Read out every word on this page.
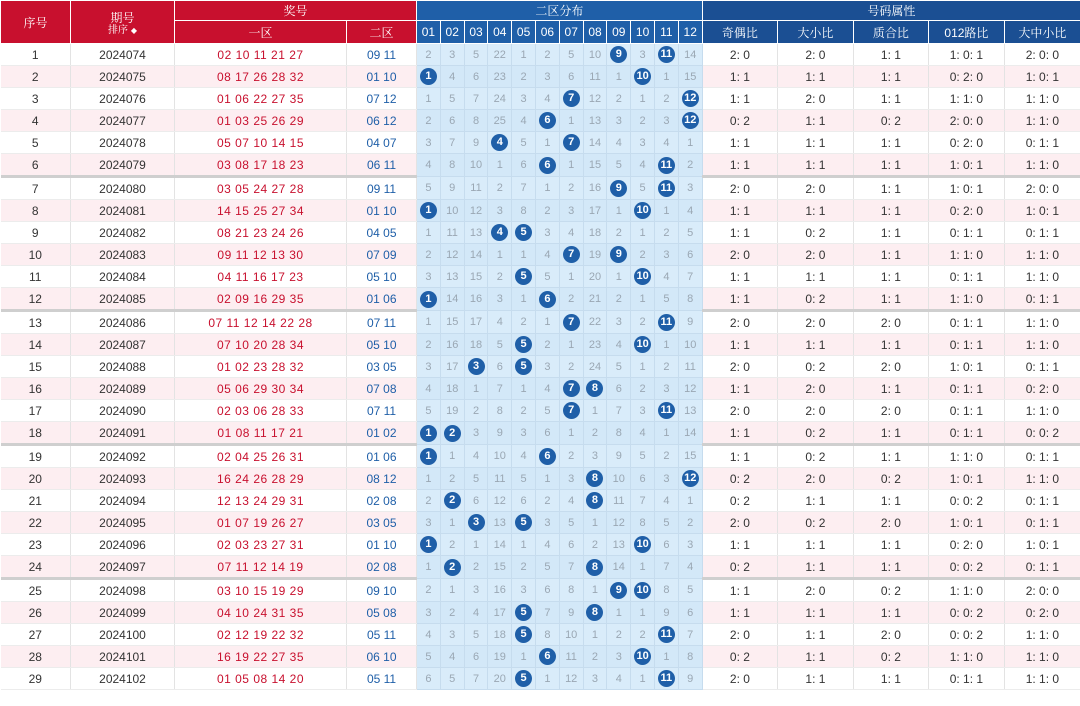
序号	期号
排序 ◆	奖号		二区分布												号码属性				
		一区	二区	01	02	03	04	05	06	07	08	09	10	11	12	奇偶比	大小比	质合比	012路比	大中小比
1	2024074	02 10 11 21 27	09 11	2	3	5	22	1	2	5	10	9	3	11	14	2: 0	2: 0	1: 1	1: 0: 1	2: 0: 0
2	2024075	08 17 26 28 32	01 10	1	4	6	23	2	3	6	11	1	10	1	15	1: 1	1: 1	1: 1	0: 2: 0	1: 0: 1
3	2024076	01 06 22 27 35	07 12	1	5	7	24	3	4	7	12	2	1	2	12	1: 1	2: 0	1: 1	1: 1: 0	1: 1: 0
4	2024077	01 03 25 26 29	06 12	2	6	8	25	4	6	1	13	3	2	3	12	0: 2	1: 1	0: 2	2: 0: 0	1: 1: 0
5	2024078	05 07 10 14 15	04 07	3	7	9	4	5	1	7	14	4	3	4	1	1: 1	1: 1	1: 1	0: 2: 0	0: 1: 1
6	2024079	03 08 17 18 23	06 11	4	8	10	1	6	6	1	15	5	4	11	2	1: 1	1: 1	1: 1	1: 0: 1	1: 1: 0
7	2024080	03 05 24 27 28	09 11	5	9	11	2	7	1	2	16	9	5	11	3	2: 0	2: 0	1: 1	1: 0: 1	2: 0: 0
8	2024081	14 15 25 27 34	01 10	1	10	12	3	8	2	3	17	1	10	1	4	1: 1	1: 1	1: 1	0: 2: 0	1: 0: 1
9	2024082	08 21 23 24 26	04 05	1	11	13	4	5	3	4	18	2	1	2	5	1: 1	0: 2	1: 1	0: 1: 1	0: 1: 1
10	2024083	09 11 12 13 30	07 09	2	12	14	1	1	4	7	19	9	2	3	6	2: 0	2: 0	1: 1	1: 1: 0	1: 1: 0
11	2024084	04 11 16 17 23	05 10	3	13	15	2	5	5	1	20	1	10	4	7	1: 1	1: 1	1: 1	0: 1: 1	1: 1: 0
12	2024085	02 09 16 29 35	01 06	1	14	16	3	1	6	2	21	2	1	5	8	1: 1	0: 2	1: 1	1: 1: 0	0: 1: 1
13	2024086	07 11 12 14 22 28	07 11	1	15	17	4	2	1	7	22	3	2	11	9	2: 0	2: 0	2: 0	0: 1: 1	1: 1: 0
14	2024087	07 10 20 28 34	05 10	2	16	18	5	5	2	1	23	4	10	1	10	1: 1	1: 1	1: 1	0: 1: 1	1: 1: 0
15	2024088	01 02 23 28 32	03 05	3	17	3	6	5	3	2	24	5	1	2	11	2: 0	0: 2	2: 0	1: 0: 1	0: 1: 1
16	2024089	05 06 29 30 34	07 08	4	18	1	7	1	4	7	8	6	2	3	12	1: 1	2: 0	1: 1	0: 1: 1	0: 2: 0
17	2024090	02 03 06 28 33	07 11	5	19	2	8	2	5	7	1	7	3	11	13	2: 0	2: 0	2: 0	0: 1: 1	1: 1: 0
18	2024091	01 08 11 17 21	01 02	1	2	3	9	3	6	1	2	8	4	1	14	1: 1	0: 2	1: 1	0: 1: 1	0: 0: 2
19	2024092	02 04 25 26 31	01 06	1	1	4	10	4	6	2	3	9	5	2	15	1: 1	0: 2	1: 1	1: 1: 0	0: 1: 1
20	2024093	16 24 26 28 29	08 12	1	2	5	11	5	1	3	8	10	6	3	12	0: 2	2: 0	0: 2	1: 0: 1	1: 1: 0
21	2024094	12 13 24 29 31	02 08	2	2	6	12	6	2	4	8	11	7	4	1	0: 2	1: 1	1: 1	0: 0: 2	0: 1: 1
22	2024095	01 07 19 26 27	03 05	3	1	3	13	5	3	5	1	12	8	5	2	2: 0	0: 2	2: 0	1: 0: 1	0: 1: 1
23	2024096	02 03 23 27 31	01 10	1	2	1	14	1	4	6	2	13	10	6	3	1: 1	1: 1	1: 1	0: 2: 0	1: 0: 1
24	2024097	07 11 12 14 19	02 08	1	2	2	15	2	5	7	8	14	1	7	4	0: 2	1: 1	1: 1	0: 0: 2	0: 1: 1
25	2024098	03 10 15 19 29	09 10	2	1	3	16	3	6	8	1	9	10	8	5	1: 1	2: 0	0: 2	1: 1: 0	2: 0: 0
26	2024099	04 10 24 31 35	05 08	3	2	4	17	5	7	9	8	1	1	9	6	1: 1	1: 1	1: 1	0: 0: 2	0: 2: 0
27	2024100	02 12 19 22 32	05 11	4	3	5	18	5	8	10	1	2	2	11	7	2: 0	1: 1	2: 0	0: 0: 2	1: 1: 0
28	2024101	16 19 22 27 35	06 10	5	4	6	19	1	6	11	2	3	10	1	8	0: 2	1: 1	0: 2	1: 1: 0	1: 1: 0
29	2024102	01 05 08 14 20	05 11	6	5	7	20	5	1	12	3	4	1	11	9	2: 0	1: 1	1: 1	0: 1: 1	1: 1: 0
